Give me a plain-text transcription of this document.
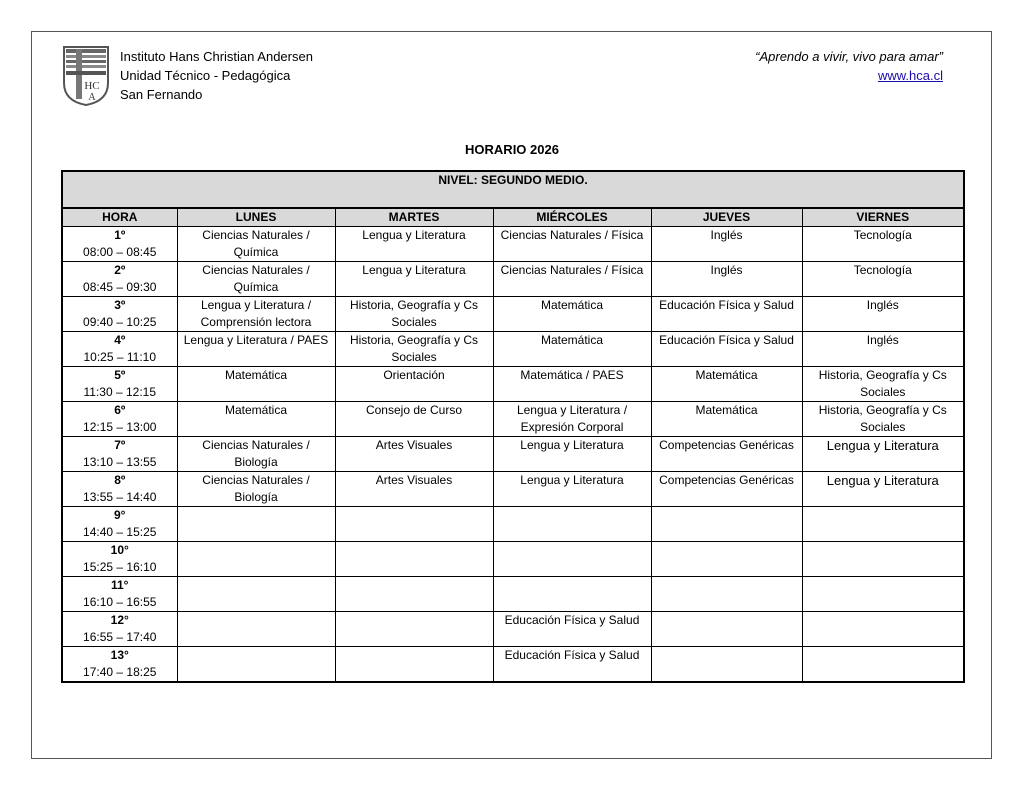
HC
A
Instituto Hans Christian Andersen
Unidad Técnico - Pedagógica
San Fernando
“Aprendo a vivir, vivo para amar”
www.hca.cl
HORARIO 2026
NIVEL: SEGUNDO MEDIO.					
HORA	LUNES	MARTES	MIÉRCOLES	JUEVES	VIERNES

1º
08:00 – 08:45	Ciencias Naturales / Química	Lengua y Literatura	Ciencias Naturales / Física	Inglés	Tecnología

2º
08:45 – 09:30	Ciencias Naturales / Química	Lengua y Literatura	Ciencias Naturales / Física	Inglés	Tecnología

3º
09:40 – 10:25	Lengua y Literatura / Comprensión lectora	Historia, Geografía y Cs Sociales	Matemática	Educación Física y Salud	Inglés

4º
10:25 – 11:10	Lengua y Literatura / PAES	Historia, Geografía y Cs Sociales	Matemática	Educación Física y Salud	Inglés

5º
11:30 – 12:15	Matemática	Orientación	Matemática / PAES	Matemática	Historia, Geografía y Cs Sociales

6º
12:15 – 13:00	Matemática	Consejo de Curso	Lengua y Literatura / Expresión Corporal	Matemática	Historia, Geografía y Cs Sociales

7º
13:10 – 13:55	Ciencias Naturales / Biología	Artes Visuales	Lengua y Literatura	Competencias Genéricas	Lengua y Literatura

8º
13:55 – 14:40	Ciencias Naturales / Biología	Artes Visuales	Lengua y Literatura	Competencias Genéricas	Lengua y Literatura

9°
14:40 – 15:25					

10°
15:25 – 16:10					

11°
16:10 – 16:55					

12°
16:55 – 17:40			Educación Física y Salud		

13°
17:40 – 18:25			Educación Física y Salud		
